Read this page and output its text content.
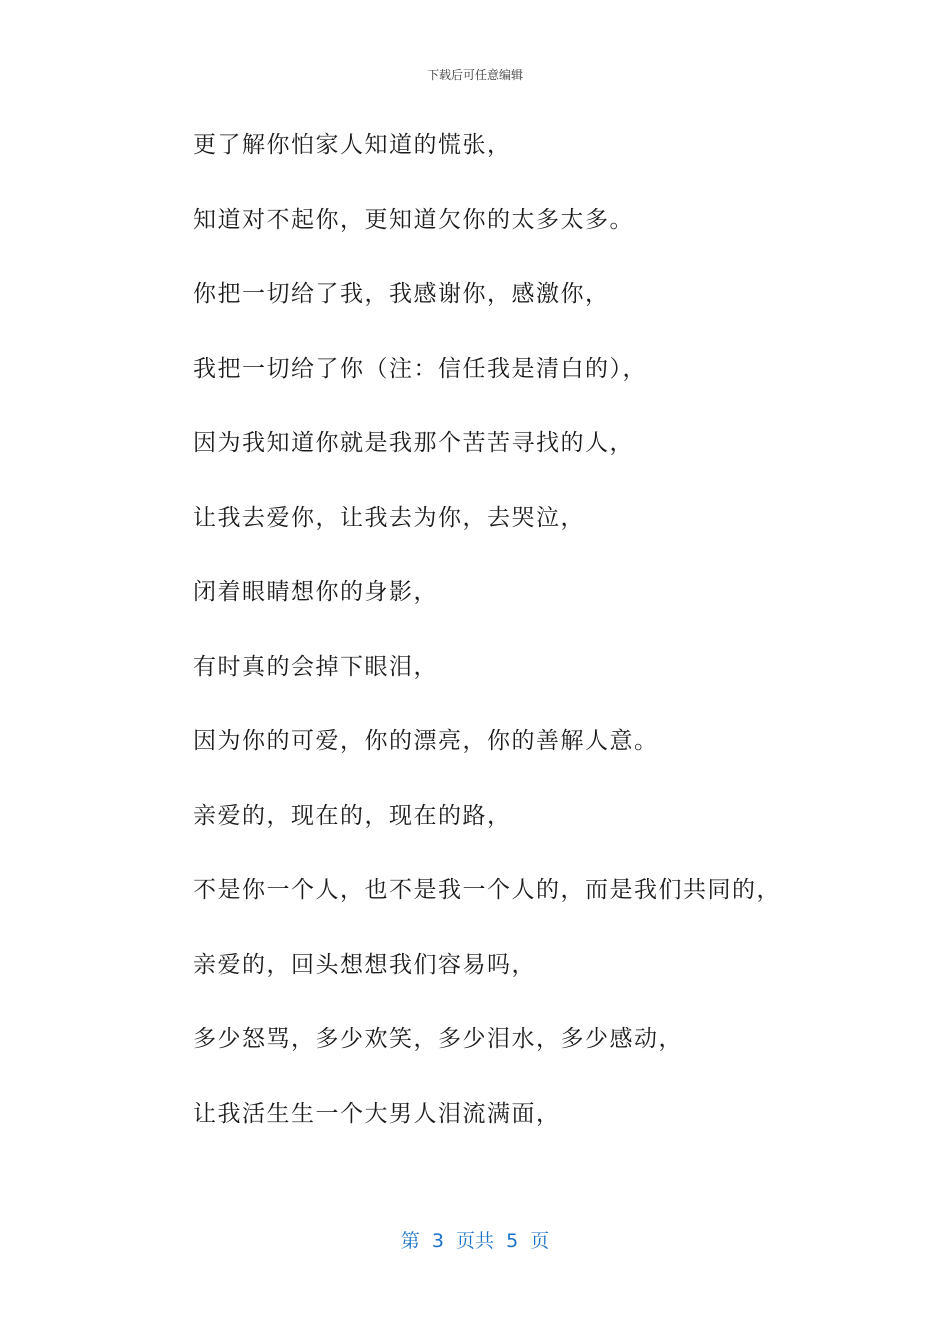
下载后可任意编辑
更了解你怕家人知道的慌张，
知道对不起你，更知道欠你的太多太多。
你把一切给了我，我感谢你，感激你，
我把一切给了你（注：信任我是清白的），
因为我知道你就是我那个苦苦寻找的人，
让我去爱你，让我去为你，去哭泣，
闭着眼睛想你的身影，
有时真的会掉下眼泪，
因为你的可爱，你的漂亮，你的善解人意。
亲爱的，现在的，现在的路，
不是你一个人，也不是我一个人的，而是我们共同的，
亲爱的，回头想想我们容易吗，
多少怒骂，多少欢笑，多少泪水，多少感动，
让我活生生一个大男人泪流满面，
第  3  页共  5  页
